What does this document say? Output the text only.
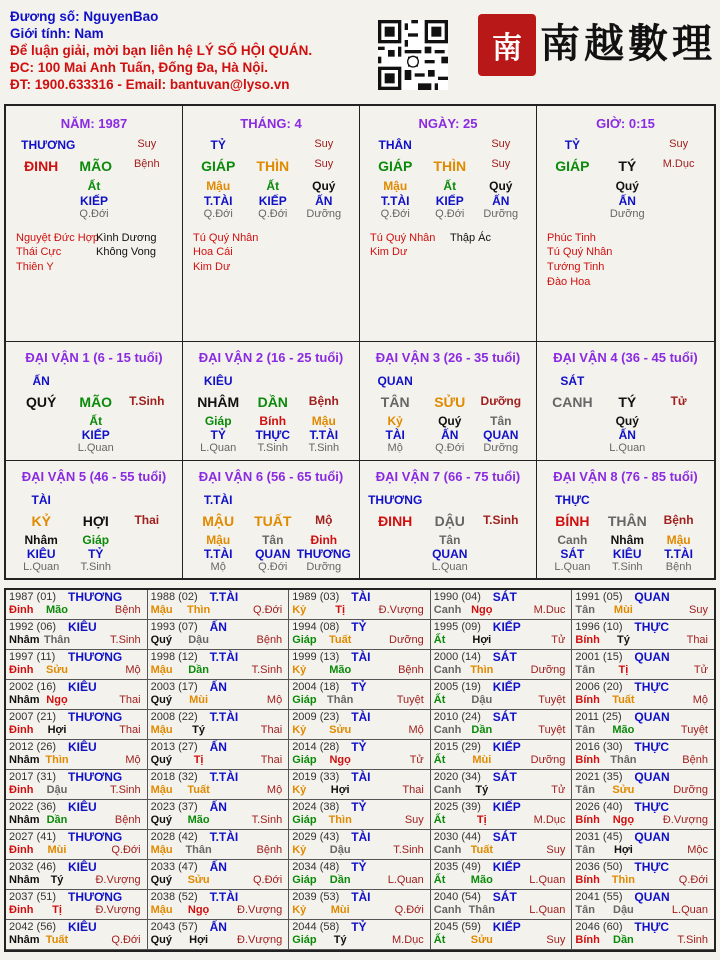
Đương số: NguyenBao
Giới tính: Nam
Để luận giải, mời bạn liên hệ LÝ SỐ HỘI QUÁN.
ĐC: 100 Mai Anh Tuấn, Đống Đa, Hà Nội.
ĐT: 1900.633316 - Email: bantuvan@lyso.vn
南 南越數理
NĂM: 1987
THƯƠNG	Suy
ĐINH MÃO Bệnh
Ất
KIẾP
Q.Đới
Nguyệt Đức Hợp
Kình Dương
Thái Cực	Không Vong
Thiên Y
THÁNG: 4
TỶ	Suy
GIÁP THÌN Suy
Mậu	Ất	Quý
T.TÀI KIẾP ẤN
Q.Đới Q.Đới Dưỡng
Tú Quý Nhân
Hoa Cái
Kim Dư
NGÀY: 25
THÂN	Suy
GIÁP THÌN Suy
Mậu	Ất	Quý
T.TÀI KIẾP ẤN
Q.Đới Q.Đới Dưỡng
Tú Quý Nhân Thập Ác
Kim Dư
GIỜ: 0:15
TỶ	Suy
GIÁP TÝ M.Dục
Quý
ẤN
Dưỡng
Phúc Tinh
Tú Quý Nhân
Tướng Tinh
Đào Hoa
ĐẠI VẬN 1 (6 - 15 tuổi)
ẤN
QUÝ MÃO T.Sinh
Ất
KIẾP
L.Quan
ĐẠI VẬN 2 (16 - 25 tuổi)
KIÊU
NHÂM DẦN Bệnh
Giáp Bính Mậu
TỶ THỰC T.TÀI
L.Quan T.Sinh T.Sinh
ĐẠI VẬN 3 (26 - 35 tuổi)
QUAN
TÂN SỬU Dưỡng
Kỷ	Quý Tân
TÀI	ẤN QUAN
Mộ	Q.Đới Dưỡng
ĐẠI VẬN 4 (36 - 45 tuổi)
SÁT
CANH TÝ	Tử
Quý
ẤN
L.Quan
ĐẠI VẬN 5 (46 - 55 tuổi)
TÀI
KỶ HỢI Thai
Nhâm Giáp
KIÊU	TỶ
L.Quan T.Sinh
ĐẠI VẬN 6 (56 - 65 tuổi)
T.TÀI
MẬU TUẤT Mộ
Mậu	Tân Đinh
T.TÀI QUAN THƯƠNG
Mộ	Q.Đới Dưỡng
ĐẠI VẬN 7 (66 - 75 tuổi)
THƯƠNG
ĐINH DẬU T.Sinh
Tân
QUAN
L.Quan
ĐẠI VẬN 8 (76 - 85 tuổi)
THỰC
BÍNH THÂN Bệnh
Canh Nhâm Mậu
SÁT KIÊU T.TÀI
L.Quan T.Sinh Bệnh
1987 (01) THƯƠNG
Đinh Mão	Bệnh
1988 (02) T.TÀI
Mậu Thìn	Q.Đới
1989 (03) TÀI
Kỷ	Tị	Đ.Vượng
1990 (04) SÁT
Canh Ngọ	M.Duc
1991 (05) QUAN
Tân Mùi	Suy
1992 (06) KIÊU
Nhâm Thân	T.Sinh
1993 (07) ẤN
Quý Dậu	Bệnh
1994 (08) TỶ
Giáp Tuất	Dưỡng
1995 (09) KIẾP
Ất Hợi	Tử
1996 (10) THỰC
Bính Tý	Thai
1997 (11) THƯƠNG
Đinh Sửu	Mộ
1998 (12) T.TÀI
Mậu Dần	T.Sinh
1999 (13) TÀI
Kỷ Mão	Bệnh
2000 (14) SÁT
Canh Thìn	Dưỡng
2001 (15) QUAN
Tân Tị	Tử
2002 (16) KIÊU
Nhâm Ngọ	Thai
2003 (17) ẤN
Quý Mùi	Mộ
2004 (18) TỶ
Giáp Thân	Tuyệt
2005 (19) KIẾP
Ất Dậu	Tuyệt
2006 (20) THỰC
Bính Tuất	Mộ
2007 (21) THƯƠNG
Đinh Hợi	Thai
2008 (22) T.TÀI
Mậu Tý	Thai
2009 (23) TÀI
Kỷ Sửu	Mộ
2010 (24) SÁT
Canh Dần	Tuyệt
2011 (25) QUAN
Tân Mão	Tuyệt
2012 (26) KIÊU
Nhâm Thìn	Mộ
2013 (27) ẤN
Quý Tị	Thai
2014 (28) TỶ
Giáp Ngọ	Tử
2015 (29) KIẾP
Ất Mùi	Dưỡng
2016 (30) THỰC
Bính Thân	Bệnh
2017 (31) THƯƠNG
Đinh Dậu	T.Sinh
2018 (32) T.TÀI
Mậu Tuất	Mộ
2019 (33) TÀI
Kỷ Hợi	Thai
2020 (34) SÁT
Canh Tý	Tử
2021 (35) QUAN
Tân Sửu	Dưỡng
2022 (36) KIÊU
Nhâm Dần	Bệnh
2023 (37) ẤN
Quý Mão	T.Sinh
2024 (38) TỶ
Giáp Thìn	Suy
2025 (39) KIẾP
Ất	Tị	M.Dục
2026 (40) THỰC
Bính Ngọ	Đ.Vượng
2027 (41) THƯƠNG
Đinh Mùi	Q.Đới
2028 (42) T.TÀI
Mậu Thân	Bệnh
2029 (43) TÀI
Kỷ Dậu	T.Sinh
2030 (44) SÁT
Canh Tuất	Suy
2031 (45) QUAN
Tân Hợi	Mộc
2032 (46) KIÊU
Nhâm Tý	Đ.Vượng
2033 (47) ẤN
Quý Sửu	Q.Đới
2034 (48) TỶ
Giáp Dần	L.Quan
2035 (49) KIẾP
Ất Mão	L.Quan
2036 (50) THỰC
Bính Thìn	Q.Đới
2037 (51) THƯƠNG
Đinh Tị	Đ.Vượng
2038 (52) T.TÀI
Mậu Ngọ	Đ.Vượng
2039 (53) TÀI
Kỷ Mùi	Q.Đới
2040 (54) SÁT
Canh Thân	L.Quan
2041 (55) QUAN
Tân Dậu	L.Quan
2042 (56) KIÊU
Nhâm Tuất	Q.Đới
2043 (57) ẤN
Quý Hợi	Đ.Vượng
2044 (58) TỶ
Giáp Tý	M.Dục
2045 (59) KIẾP
Ất Sửu	Suy
2046 (60) THỰC
Bính Dần	T.Sinh
